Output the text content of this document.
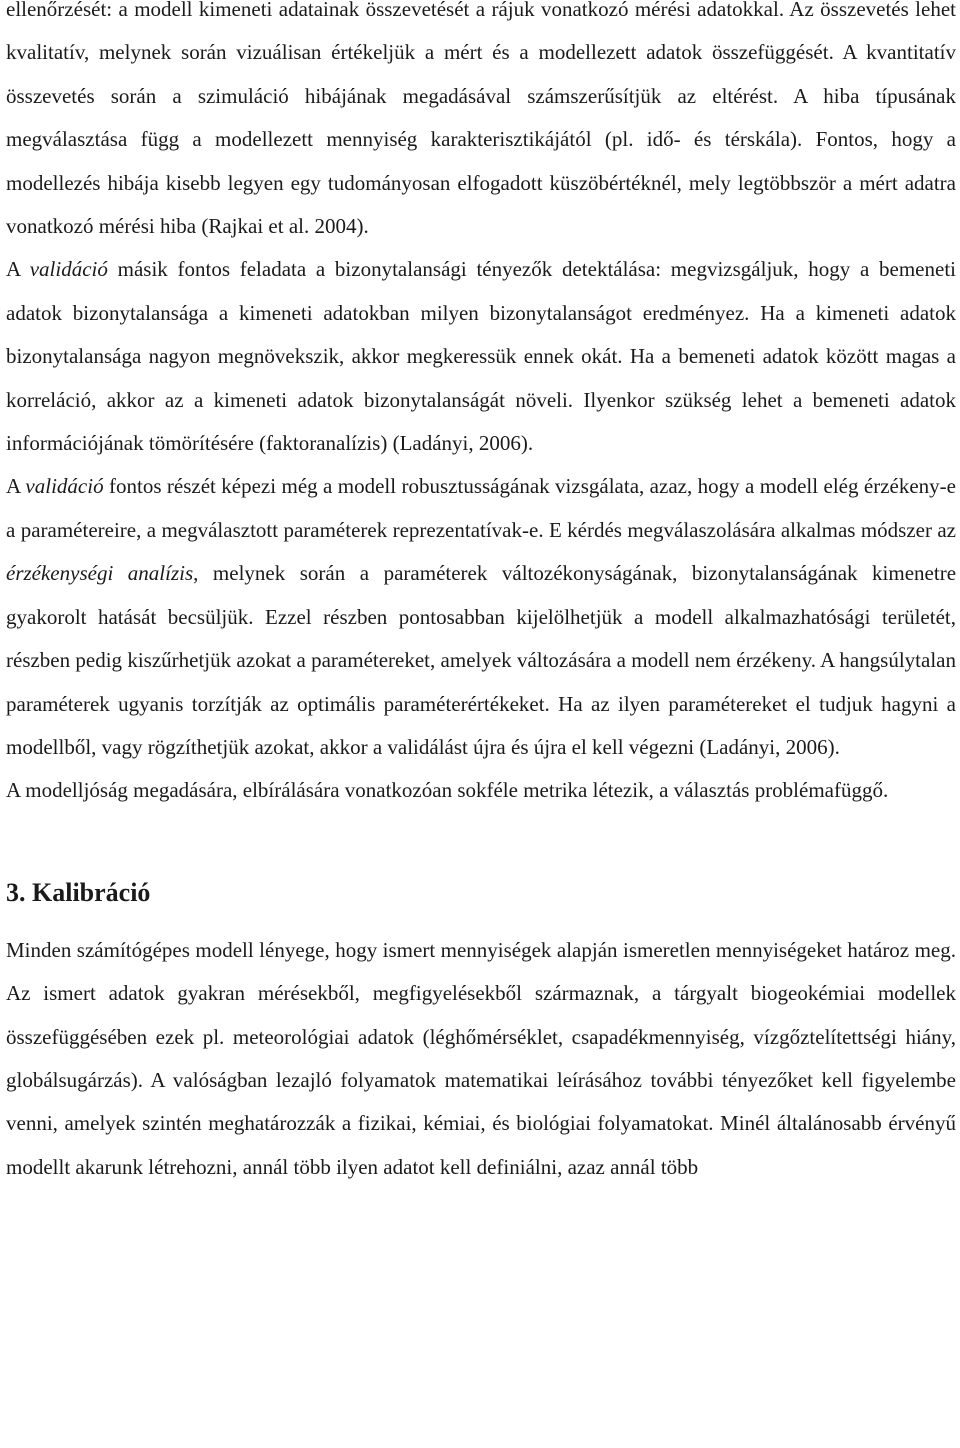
ellenőrzését: a modell kimeneti adatainak összevetését a rájuk vonatkozó mérési adatokkal. Az összevetés lehet kvalitatív, melynek során vizuálisan értékeljük a mért és a modellezett adatok összefüggését. A kvantitatív összevetés során a szimuláció hibájának megadásával számszerűsítjük az eltérést. A hiba típusának megválasztása függ a modellezett mennyiség karakterisztikájától (pl. idő- és térskála). Fontos, hogy a modellezés hibája kisebb legyen egy tudományosan elfogadott küszöbértéknél, mely legtöbbször a mért adatra vonatkozó mérési hiba (Rajkai et al. 2004).

A validáció másik fontos feladata a bizonytalansági tényezők detektálása: megvizsgáljuk, hogy a bemeneti adatok bizonytalansága a kimeneti adatokban milyen bizonytalanságot eredményez. Ha a kimeneti adatok bizonytalansága nagyon megnövekszik, akkor megkeressük ennek okát. Ha a bemeneti adatok között magas a korreláció, akkor az a kimeneti adatok bizonytalanságát növeli. Ilyenkor szükség lehet a bemeneti adatok információjának tömörítésére (faktoranalízis) (Ladányi, 2006).

A validáció fontos részét képezi még a modell robusztusságának vizsgálata, azaz, hogy a modell elég érzékeny-e a paramétereire, a megválasztott paraméterek reprezentatívak-e. E kérdés megválaszolására alkalmas módszer az érzékenységi analízis, melynek során a paraméterek változékonyságának, bizonytalanságának kimenetre gyakorolt hatását becsüljük. Ezzel részben pontosabban kijelölhetjük a modell alkalmazhatósági területét, részben pedig kiszűrhetjük azokat a paramétereket, amelyek változására a modell nem érzékeny. A hangsúlytalan paraméterek ugyanis torzítják az optimális paraméterértékeket. Ha az ilyen paramétereket el tudjuk hagyni a modellből, vagy rögzíthetjük azokat, akkor a validálást újra és újra el kell végezni (Ladányi, 2006).

A modelljóság megadására, elbírálására vonatkozóan sokféle metrika létezik, a választás problémafüggő.

3. Kalibráció

Minden számítógépes modell lényege, hogy ismert mennyiségek alapján ismeretlen mennyiségeket határoz meg. Az ismert adatok gyakran mérésekből, megfigyelésekből származnak, a tárgyalt biogeokémiai modellek összefüggésében ezek pl. meteorológiai adatok (léghőmérséklet, csapadékmennyiség, vízgőztelítettségi hiány, globálsugárzás). A valóságban lezajló folyamatok matematikai leírásához további tényezőket kell figyelembe venni, amelyek szintén meghatározzák a fizikai, kémiai, és biológiai folyamatokat. Minél általánosabb érvényű modellt akarunk létrehozni, annál több ilyen adatot kell definiálni, azaz annál több
